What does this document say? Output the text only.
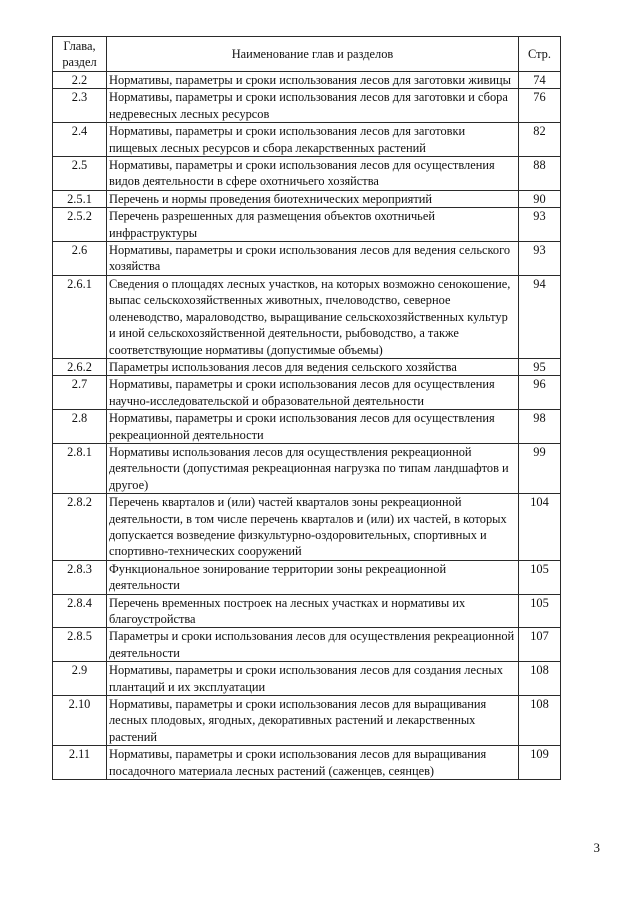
Глава, раздел	Наименование глав и разделов	Стр.
2.2	Нормативы, параметры и сроки использования лесов для заготовки живицы	74
2.3	Нормативы, параметры и сроки использования лесов для заготовки и сбора недревесных лесных ресурсов	76
2.4	Нормативы, параметры и сроки использования лесов для заготовки пищевых лесных ресурсов и сбора лекарственных растений	82
2.5	Нормативы, параметры и сроки использования лесов для осуществления видов деятельности в сфере охотничьего хозяйства	88
2.5.1	Перечень и нормы проведения биотехнических мероприятий	90
2.5.2	Перечень разрешенных для размещения объектов охотничьей инфраструктуры	93
2.6	Нормативы, параметры и сроки использования лесов для ведения сельского хозяйства	93
2.6.1	Сведения о площадях лесных участков, на которых возможно сенокошение, выпас сельскохозяйственных животных, пчеловодство, северное оленеводство, мараловодство, выращивание сельскохозяйственных культур и иной сельскохозяйственной деятельности, рыбоводство, а также соответствующие нормативы (допустимые объемы)	94
2.6.2	Параметры использования лесов для ведения сельского хозяйства	95
2.7	Нормативы, параметры и сроки использования лесов для осуществления научно-исследовательской и образовательной деятельности	96
2.8	Нормативы, параметры и сроки использования лесов для осуществления рекреационной деятельности	98
2.8.1	Нормативы использования лесов для осуществления рекреационной деятельности (допустимая рекреационная нагрузка по типам ландшафтов и другое)	99
2.8.2	Перечень кварталов и (или) частей кварталов зоны рекреационной деятельности, в том числе перечень кварталов и (или) их частей, в которых допускается возведение физкультурно-оздоровительных, спортивных и спортивно-технических сооружений	104
2.8.3	Функциональное зонирование территории зоны рекреационной деятельности	105
2.8.4	Перечень временных построек на лесных участках и нормативы их благоустройства	105
2.8.5	Параметры и сроки использования лесов для осуществления рекреационной деятельности	107
2.9	Нормативы, параметры и сроки использования лесов для создания лесных плантаций и их эксплуатации	108
2.10	Нормативы, параметры и сроки использования лесов для выращивания лесных плодовых, ягодных, декоративных растений и лекарственных растений	108
2.11	Нормативы, параметры и сроки использования лесов для выращивания посадочного материала лесных растений (саженцев, сеянцев)	109
3
